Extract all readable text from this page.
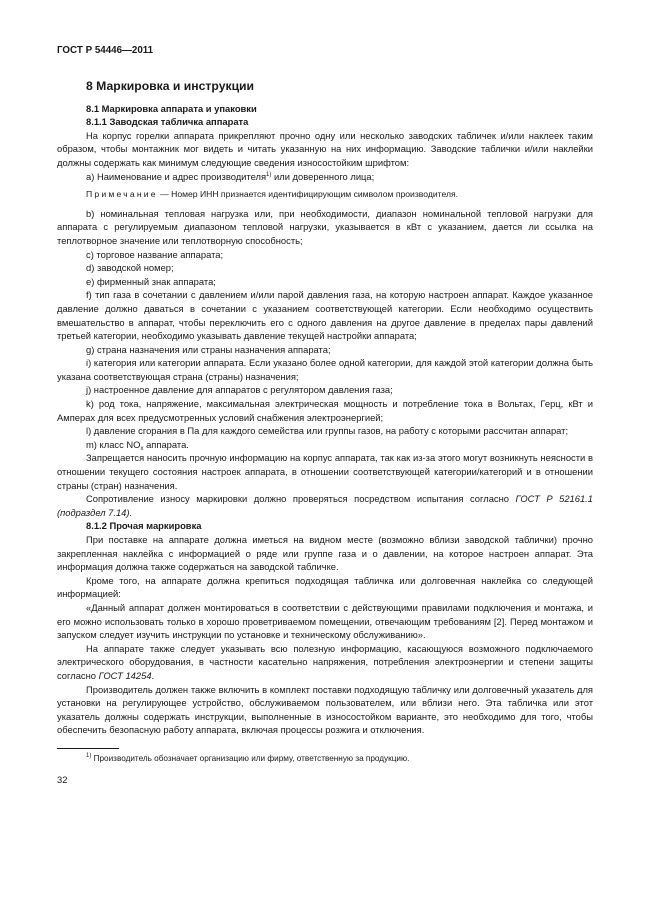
ГОСТ Р 54446—2011
8 Маркировка и инструкции
8.1 Маркировка аппарата и упаковки
8.1.1 Заводская табличка аппарата

На корпус горелки аппарата прикрепляют прочно одну или несколько заводских табличек и/или наклеек таким образом, чтобы монтажник мог видеть и читать указанную на них информацию. Заводские таблички и/или наклейки должны содержать как минимум следующие сведения износостойким шрифтом:

а) Наименование и адрес производителя$^{1)}$ или доверенного лица;

Примечание — Номер ИНН признается идентифицирующим символом производителя.

b) номинальная тепловая нагрузка или, при необходимости, диапазон номинальной тепловой нагрузки для аппарата с регулируемым диапазоном тепловой нагрузки, указывается в кВт с указанием, дается ли ссылка на теплотворное значение или теплотворную способность;

c) торговое название аппарата;

d) заводской номер;

e) фирменный знак аппарата;

f) тип газа в сочетании с давлением и/или парой давления газа, на которую настроен аппарат. Каждое указанное давление должно даваться в сочетании с указанием соответствующей категории. Если необходимо осуществить вмешательство в аппарат, чтобы переключить его с одного давления на другое давление в пределах пары давлений третьей категории, необходимо указывать давление текущей настройки аппарата;

g) страна назначения или страны назначения аппарата;

i) категория или категории аппарата. Если указано более одной категории, для каждой этой категории должна быть указана соответствующая страна (страны) назначения;

j) настроенное давление для аппаратов с регулятором давления газа;

k) род тока, напряжение, максимальная электрическая мощность и потребление тока в Вольтах, Герц, кВт и Амперах для всех предусмотренных условий снабжения электроэнергией;

l) давление сгорания в Па для каждого семейства или группы газов, на работу с которыми рассчитан аппарат;

m) класс $NO_x$ аппарата.

Запрещается наносить прочную информацию на корпус аппарата, так как из-за этого могут возникнуть неясности в отношении текущего состояния настроек аппарата, в отношении соответствующей категории/категорий и в отношении страны (стран) назначения.

Сопротивление износу маркировки должно проверяться посредством испытания согласно ГОСТ Р 52161.1 (подраздел 7.14).

8.1.2 Прочая маркировка

При поставке на аппарате должна иметься на видном месте (возможно вблизи заводской таблички) прочно закрепленная наклейка с информацией о ряде или группе газа и о давлении, на которое настроен аппарат. Эта информация должна также содержаться на заводской табличке.

Кроме того, на аппарате должна крепиться подходящая табличка или долговечная наклейка со следующей информацией:

«Данный аппарат должен монтироваться в соответствии с действующими правилами подключения и монтажа, и его можно использовать только в хорошо проветриваемом помещении, отвечающим требованиям [2]. Перед монтажом и запуском следует изучить инструкции по установке и техническому обслуживанию».

На аппарате также следует указывать всю полезную информацию, касающуюся возможного подключаемого электрического оборудования, в частности касательно напряжения, потребления электроэнергии и степени защиты согласно ГОСТ 14254.

Производитель должен также включить в комплект поставки подходящую табличку или долговечный указатель для установки на регулирующее устройство, обслуживаемом пользователем, или вблизи него. Эта табличка или этот указатель должны содержать инструкции, выполненные в износостойком варианте, это необходимо для того, чтобы обеспечить безопасную работу аппарата, включая процессы розжига и отключения.

$^{1)}$ Производитель обозначает организацию или фирму, ответственную за продукцию.
32
